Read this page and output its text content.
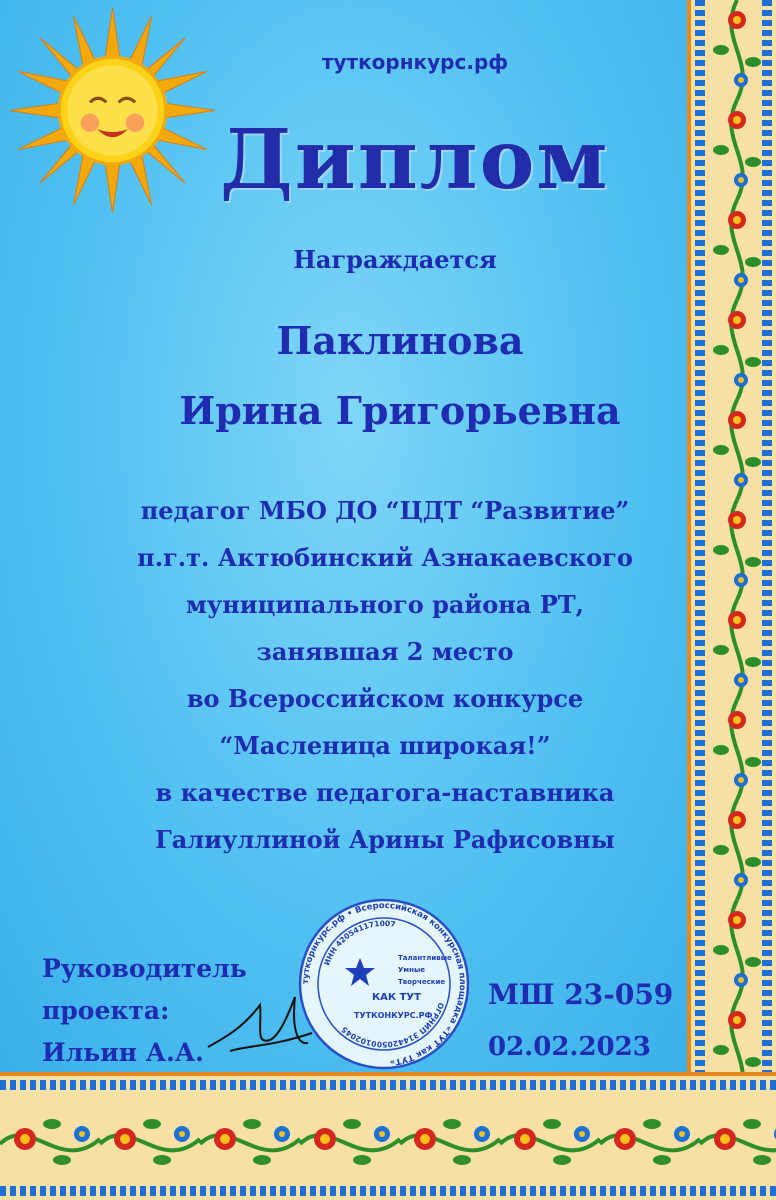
туткорнкурс.рф
Диплом
Награждается
Паклинова
Ирина Григорьевна
педагог МБО ДО “ЦДТ “Развитие”
п.г.т. Актюбинский Азнакаевского
муниципального района РТ,
занявшая 2 место
во Всероссийском конкурсе
“Масленица широкая!”
в качестве педагога-наставника
Галиуллиной Арины Рафисовны
Руководитель
проекта:
Ильин А.А.
туткорнкурс.рф • Всероссийская конкурсная площадка «ТУТ как ТУТ»
ОГРНИП 314420500102045
ИНН 420541171007
Талантливые
Умные
Творческие
КАК ТУТ
ТУТКОНКУРС.РФ
МШ 23-059
02.02.2023
